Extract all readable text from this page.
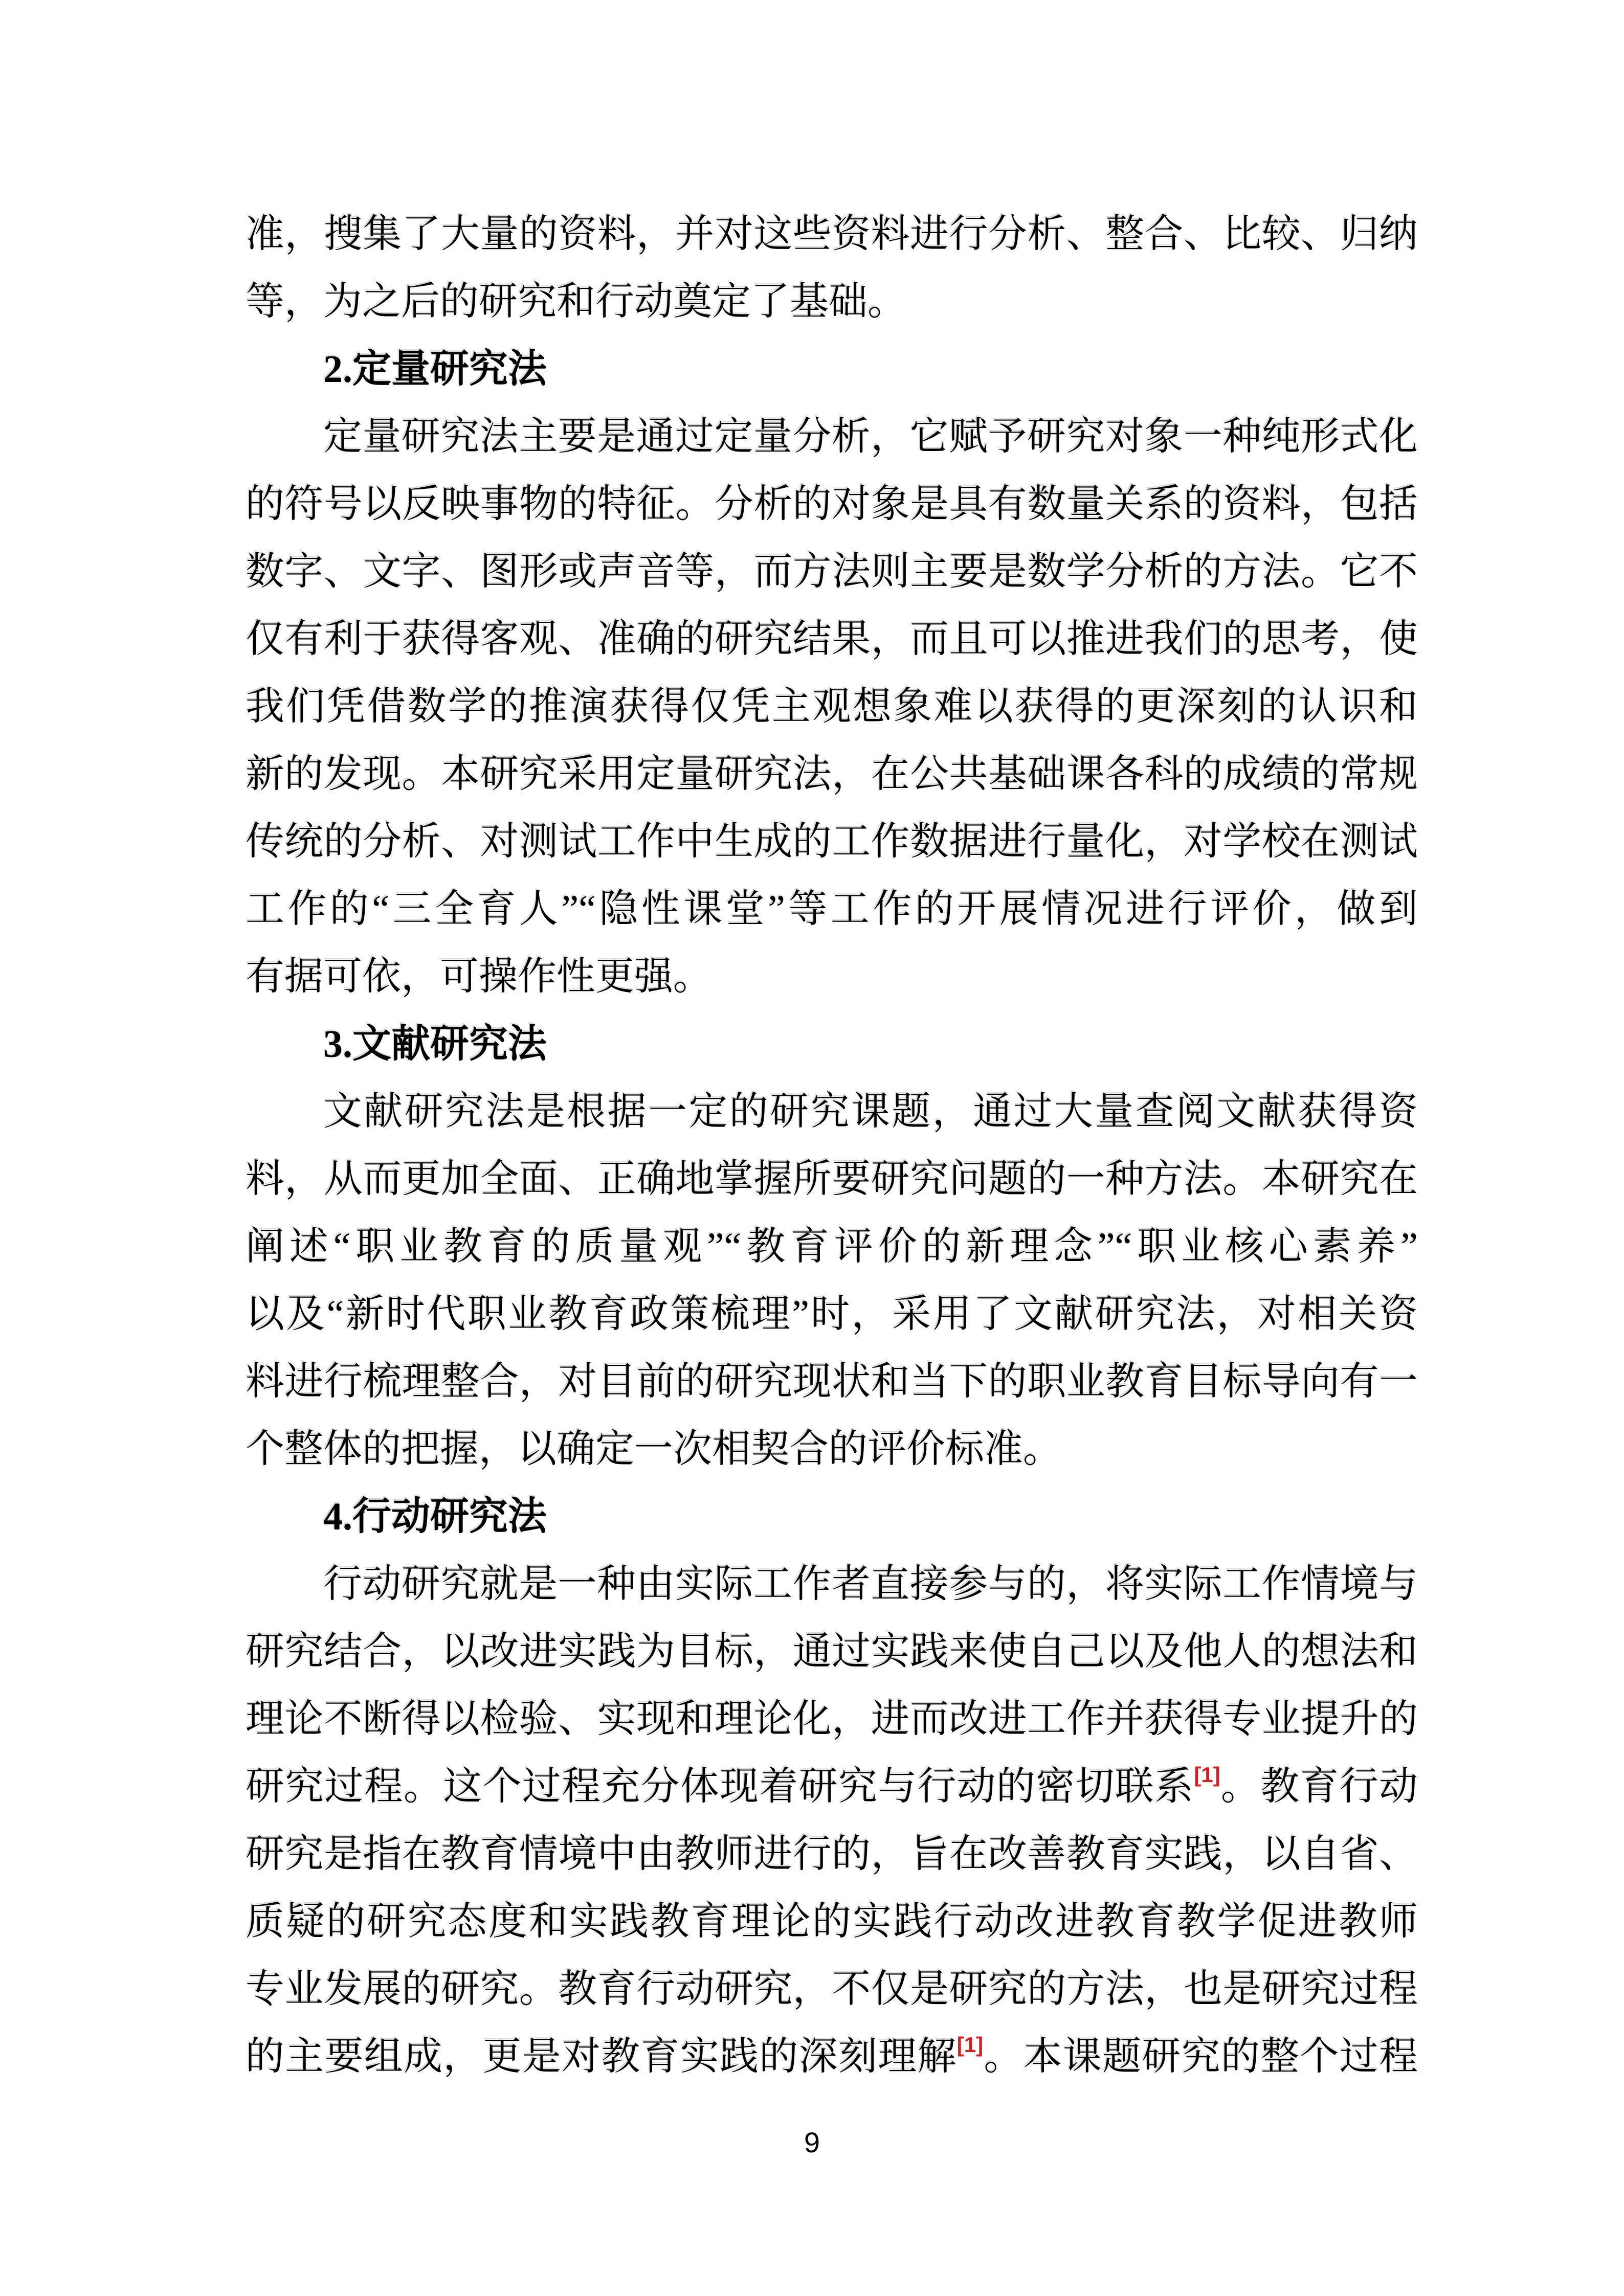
准，搜集了大量的资料，并对这些资料进行分析、整合、比较、归纳
等，为之后的研究和行动奠定了基础。
2.定量研究法
定量研究法主要是通过定量分析，它赋予研究对象一种纯形式化
的符号以反映事物的特征。分析的对象是具有数量关系的资料，包括
数字、文字、图形或声音等，而方法则主要是数学分析的方法。它不
仅有利于获得客观、准确的研究结果，而且可以推进我们的思考，使
我们凭借数学的推演获得仅凭主观想象难以获得的更深刻的认识和
新的发现。本研究采用定量研究法，在公共基础课各科的成绩的常规
传统的分析、对测试工作中生成的工作数据进行量化，对学校在测试
工作的“三全育人”“隐性课堂”等工作的开展情况进行评价，做到
有据可依，可操作性更强。
3.文献研究法
文献研究法是根据一定的研究课题，通过大量查阅文献获得资
料，从而更加全面、正确地掌握所要研究问题的一种方法。本研究在
阐述“职业教育的质量观”“教育评价的新理念”“职业核心素养”
以及“新时代职业教育政策梳理”时，采用了文献研究法，对相关资
料进行梳理整合，对目前的研究现状和当下的职业教育目标导向有一
个整体的把握，以确定一次相契合的评价标准。
4.行动研究法
行动研究就是一种由实际工作者直接参与的，将实际工作情境与
研究结合，以改进实践为目标，通过实践来使自己以及他人的想法和
理论不断得以检验、实现和理论化，进而改进工作并获得专业提升的
研究过程。这个过程充分体现着研究与行动的密切联系[1]。教育行动
研究是指在教育情境中由教师进行的，旨在改善教育实践，以自省、
质疑的研究态度和实践教育理论的实践行动改进教育教学促进教师
专业发展的研究。教育行动研究，不仅是研究的方法，也是研究过程
的主要组成，更是对教育实践的深刻理解[1]。本课题研究的整个过程
9
